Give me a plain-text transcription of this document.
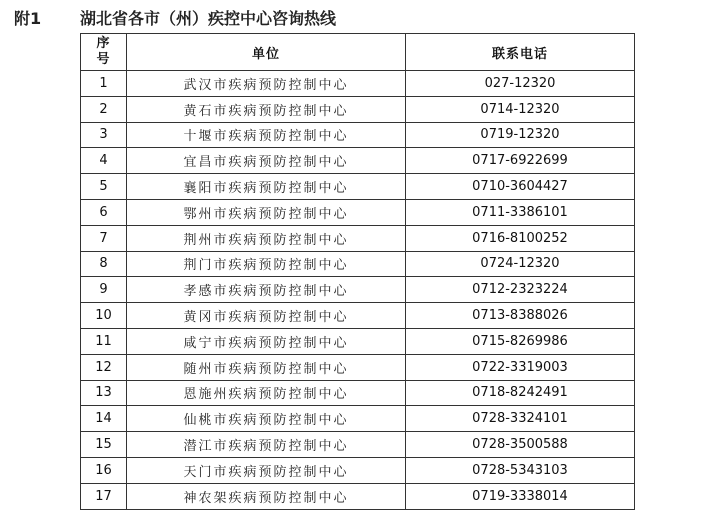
附1 湖北省各市（州）疾控中心咨询热线
序
号	单位	联系电话
1	武汉市疾病预防控制中心	027-12320
2	黄石市疾病预防控制中心	0714-12320
3	十堰市疾病预防控制中心	0719-12320
4	宜昌市疾病预防控制中心	0717-6922699
5	襄阳市疾病预防控制中心	0710-3604427
6	鄂州市疾病预防控制中心	0711-3386101
7	荆州市疾病预防控制中心	0716-8100252
8	荆门市疾病预防控制中心	0724-12320
9	孝感市疾病预防控制中心	0712-2323224
10	黄冈市疾病预防控制中心	0713-8388026
11	咸宁市疾病预防控制中心	0715-8269986
12	随州市疾病预防控制中心	0722-3319003
13	恩施州疾病预防控制中心	0718-8242491
14	仙桃市疾病预防控制中心	0728-3324101
15	潜江市疾病预防控制中心	0728-3500588
16	天门市疾病预防控制中心	0728-5343103
17	神农架疾病预防控制中心	0719-3338014
